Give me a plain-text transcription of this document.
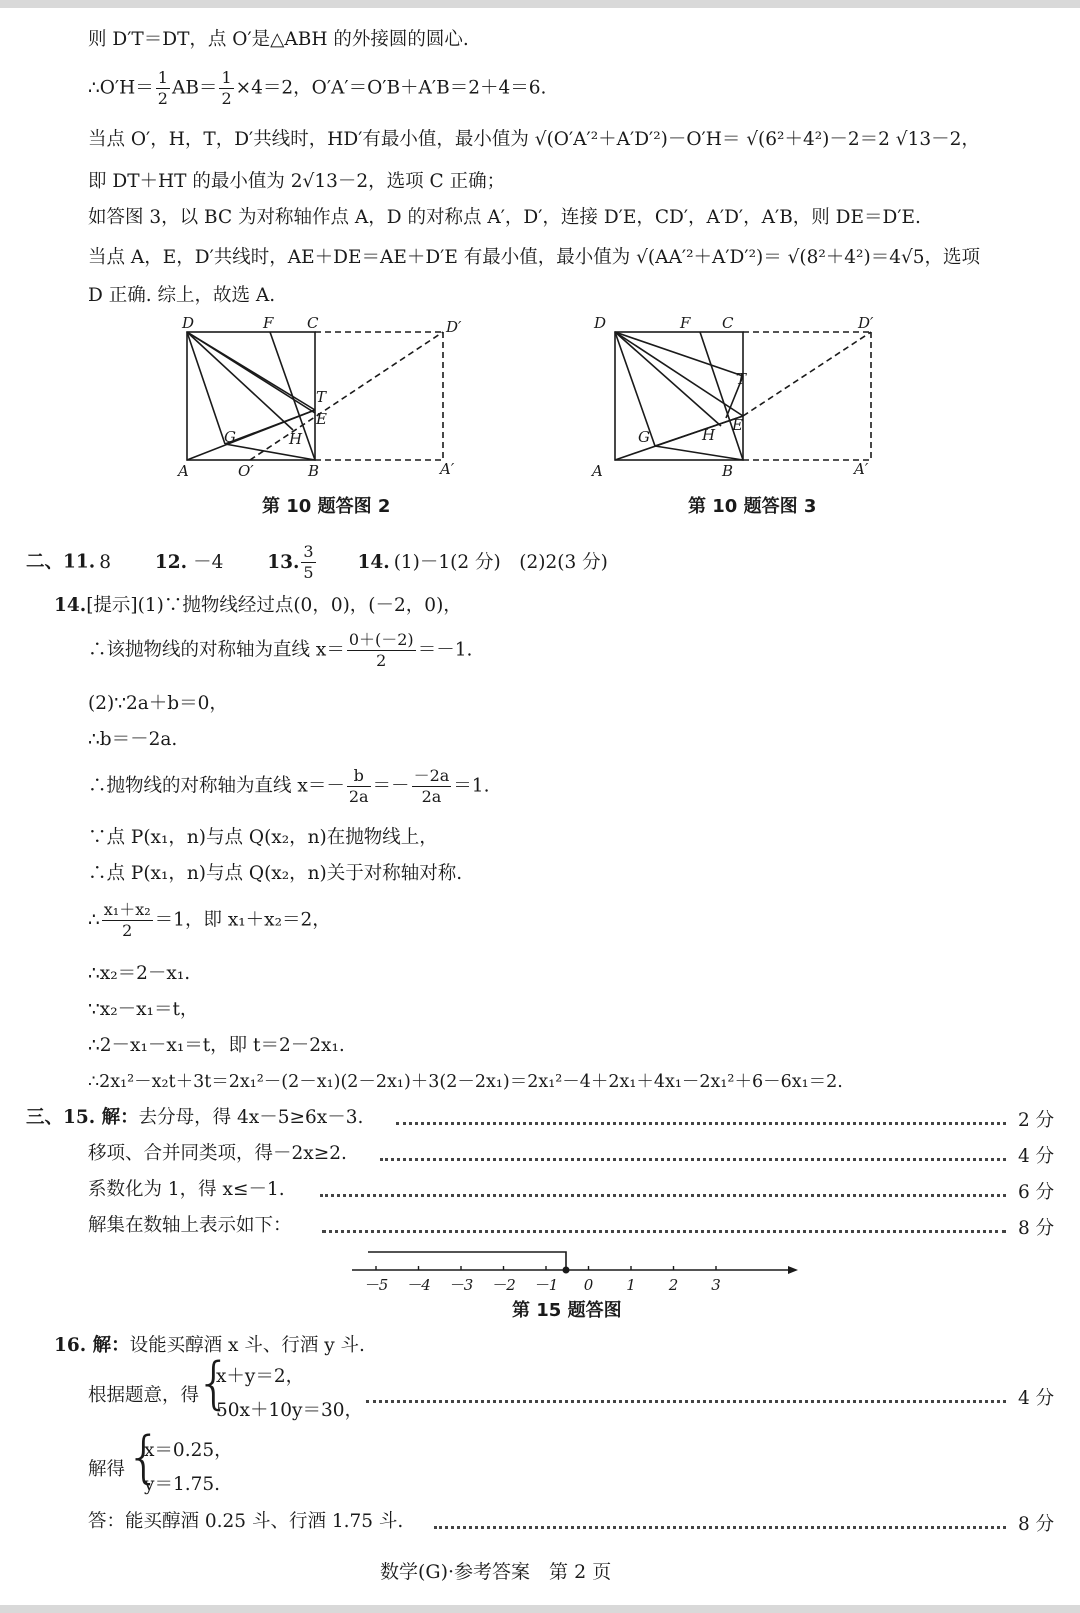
则 D′T＝DT，点 O′是△ABH 的外接圆的圆心.
∴O′H＝ $\frac{1}{2} AB= \frac{1}{2} \times 4=2$，O′A′＝O′B＋A′B＝2＋4＝6.
当点 O′，H，T，D′共线时，HD′有最小值，最小值为 √(O′A′²＋A′D′²)－O′H＝ √(6²＋4²)－2＝2 √13－2，
即 DT＋HT 的最小值为 2√13－2，选项 C 正确；
如答图 3，以 BC 为对称轴作点 A，D 的对称点 A′，D′，连接 D′E，CD′，A′D′，A′B，则 DE＝D′E.
当点 A，E，D′共线时，AE＋DE＝AE＋D′E 有最小值，最小值为 √(AA′²＋A′D′²)＝ √(8²＋4²)＝4√5，选项
D 正确. 综上，故选 A.
D	F C	D′
T
E
G	H
A	O′	B	A′
第 10 题答图 2
D	F C	D′
T
E
G	H
A	B	A′
第 10 题答图 3
二、11. 8 12. －4 13. $\frac{3}{5} 14$. (1)－1(2 分)　(2)2(3 分)
14.[提示](1)∵抛物线经过点(0，0)，(－2，0)，
∴该抛物线的对称轴为直线 $x= \frac{0+(-2)}{2} =-1$.
(2)∵2a＋b＝0，
∴b＝－2a.
∴抛物线的对称轴为直线 $x=- \frac{b}{2a} =- \frac{-2a}{2a} =1$.
∵点 P(x₁，n)与点 Q(x₂，n)在抛物线上，
∴点 P(x₁，n)与点 Q(x₂，n)关于对称轴对称.
∴ $\frac{\text{x₁＋x₂}}{2} =1$，即 x₁＋x₂＝2，
∴x₂＝2－x₁.
∵x₂－x₁＝t，
∴2－x₁－x₁＝t，即 t＝2－2x₁.
∴2x₁²－x₂t＋3t＝2x₁²－(2－x₁)(2－2x₁)＋3(2－2x₁)＝2x₁²－4＋2x₁＋4x₁－2x₁²＋6－6x₁＝2.
三、15. 解：去分母，得 4x－5≥6x－3.	2 分
移项、合并同类项，得－2x≥2.	4 分
系数化为 1，得 x≤－1.	6 分
解集在数轴上表示如下：	8 分
－5 －4 －3 －2 －1 0 1 2 3
第 15 题答图
16. 解：设能买醇酒 x 斗、行酒 y 斗.
根据题意，得
{
x＋y＝2，
50x＋10y＝30，
4 分
解得 {
x＝0.25，
y＝1.75.
答：能买醇酒 0.25 斗、行酒 1.75 斗.	8 分
数学(G)·参考答案　第 2 页
